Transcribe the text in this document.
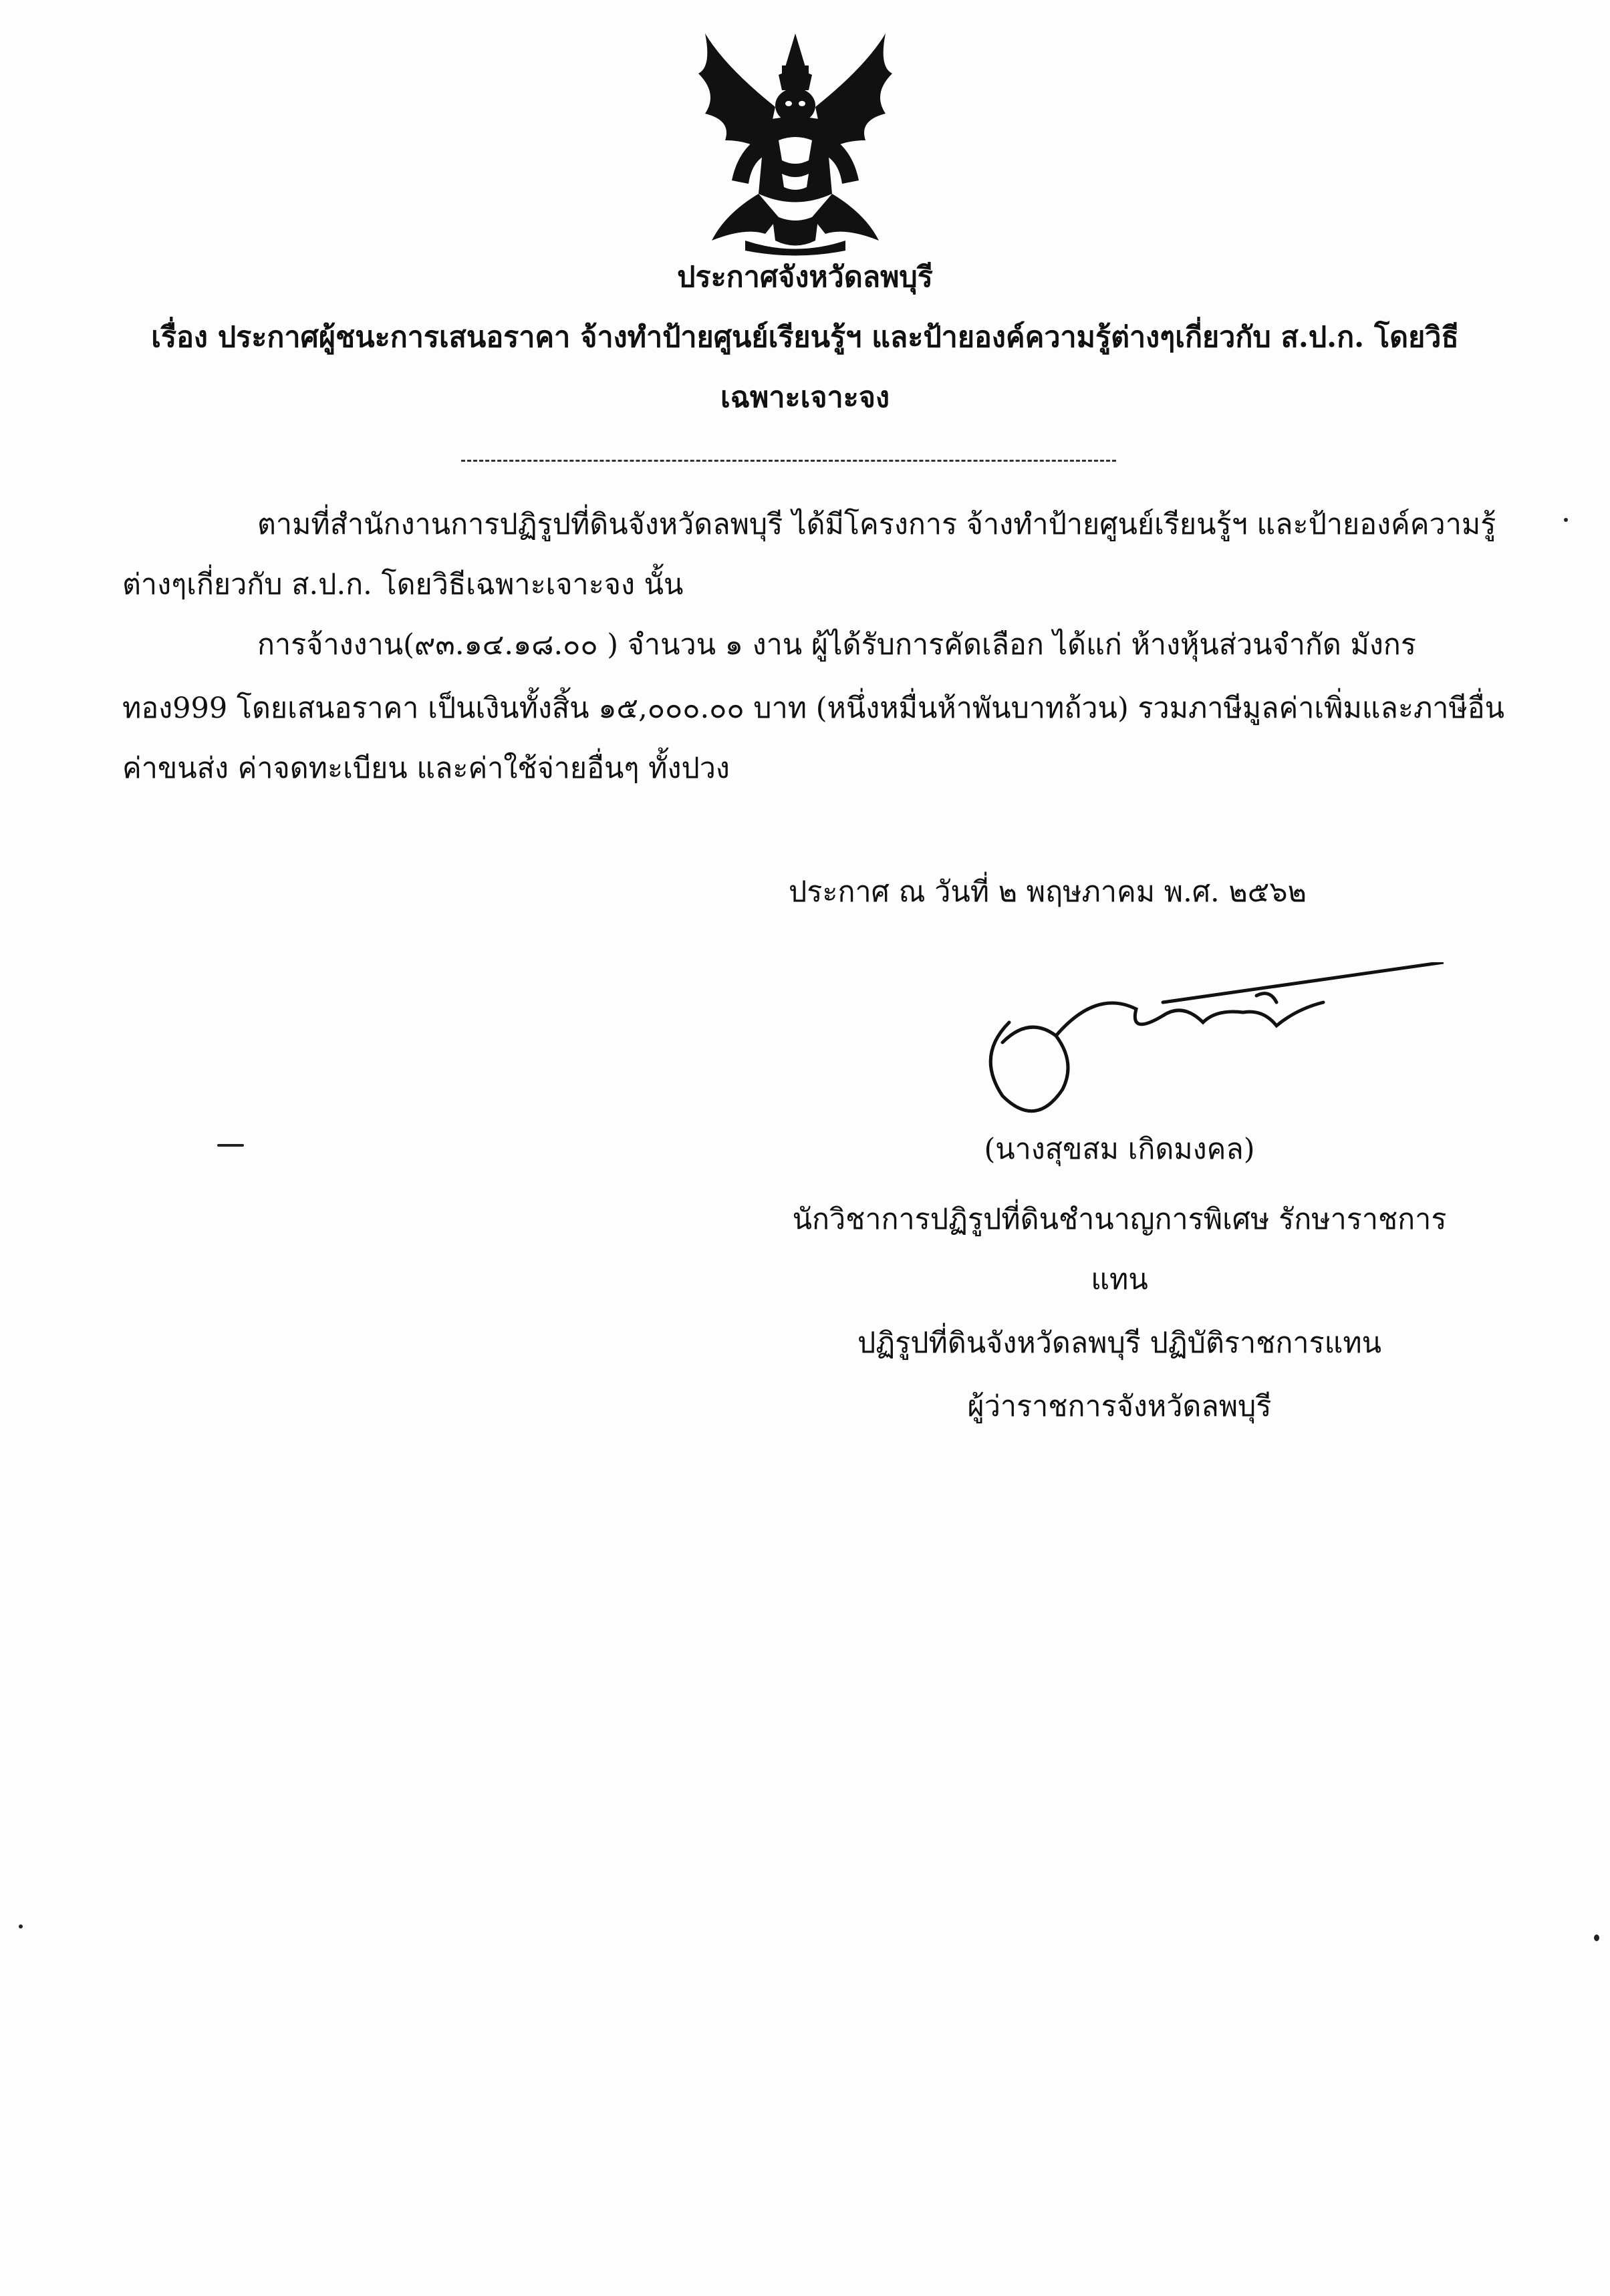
ประกาศจังหวัดลพบุรี
เรื่อง ประกาศผู้ชนะการเสนอราคา จ้างทำป้ายศูนย์เรียนรู้ฯ และป้ายองค์ความรู้ต่างๆเกี่ยวกับ ส.ป.ก. โดยวิธี
เฉพาะเจาะจง
ตามที่สำนักงานการปฏิรูปที่ดินจังหวัดลพบุรี ได้มีโครงการ จ้างทำป้ายศูนย์เรียนรู้ฯ และป้ายองค์ความรู้
ต่างๆเกี่ยวกับ ส.ป.ก. โดยวิธีเฉพาะเจาะจง นั้น
การจ้างงาน(๙๓.๑๔.๑๘.๐๐ ) จำนวน ๑ งาน ผู้ได้รับการคัดเลือก ได้แก่ ห้างหุ้นส่วนจำกัด มังกร
ทอง999 โดยเสนอราคา เป็นเงินทั้งสิ้น ๑๕,๐๐๐.๐๐ บาท (หนึ่งหมื่นห้าพันบาทถ้วน) รวมภาษีมูลค่าเพิ่มและภาษีอื่น
ค่าขนส่ง ค่าจดทะเบียน และค่าใช้จ่ายอื่นๆ ทั้งปวง
ประกาศ ณ วันที่ ๒ พฤษภาคม พ.ศ. ๒๕๖๒
(นางสุขสม เกิดมงคล)
นักวิชาการปฏิรูปที่ดินชำนาญการพิเศษ รักษาราชการ
แทน
ปฏิรูปที่ดินจังหวัดลพบุรี ปฏิบัติราชการแทน
ผู้ว่าราชการจังหวัดลพบุรี
